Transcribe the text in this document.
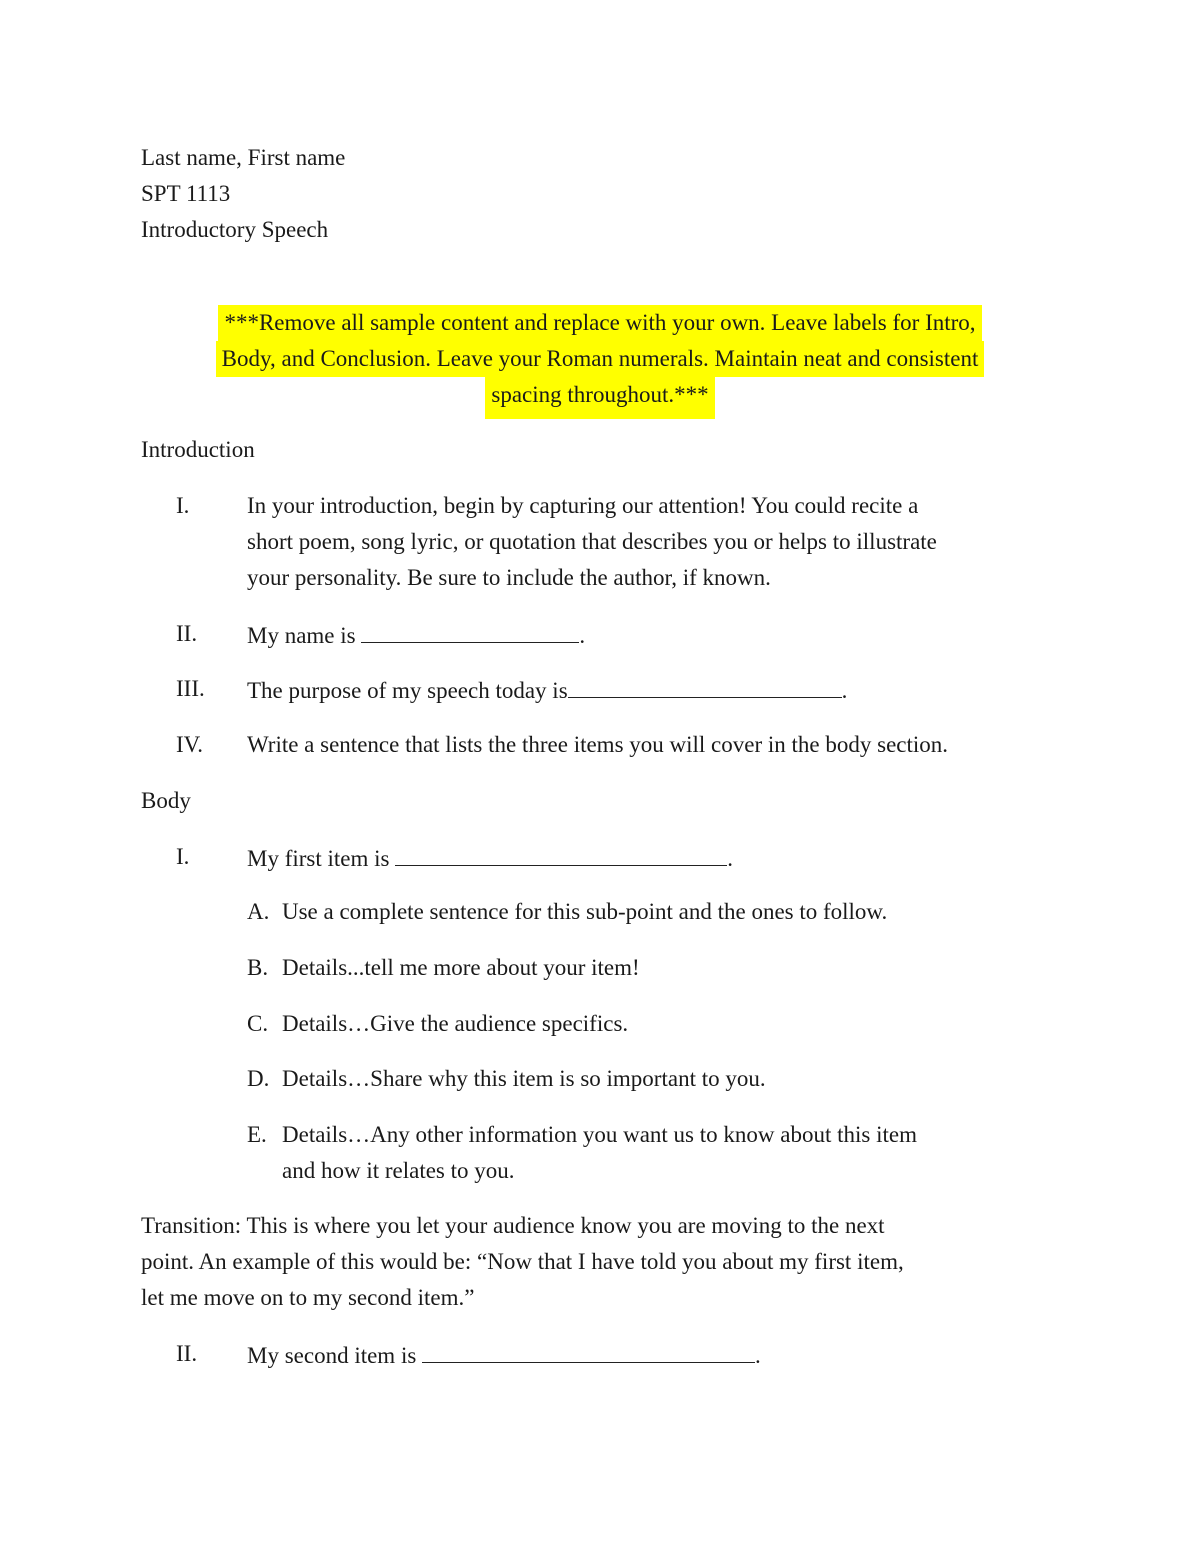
Last name, First name
SPT 1113
Introductory Speech
***Remove all sample content and replace with your own. Leave labels for Intro,
Body, and Conclusion. Leave your Roman numerals. Maintain neat and consistent
spacing throughout.***
Introduction
I.	In your introduction, begin by capturing our attention! You could recite a
short poem, song lyric, or quotation that describes you or helps to illustrate
your personality. Be sure to include the author, if known.
II. My name is	.
III. The purpose of my speech today is	.
IV. Write a sentence that lists the three items you will cover in the body section.
Body
I.	My first item is	.
A. Use a complete sentence for this sub-point and the ones to follow.
B. Details...tell me more about your item!
C. Details…Give the audience specifics.
D. Details…Share why this item is so important to you.
E. Details…Any other information you want us to know about this item
and how it relates to you.
Transition: This is where you let your audience know you are moving to the next
point. An example of this would be: “Now that I have told you about my first item,
let me move on to my second item.”
II. My second item is	.
